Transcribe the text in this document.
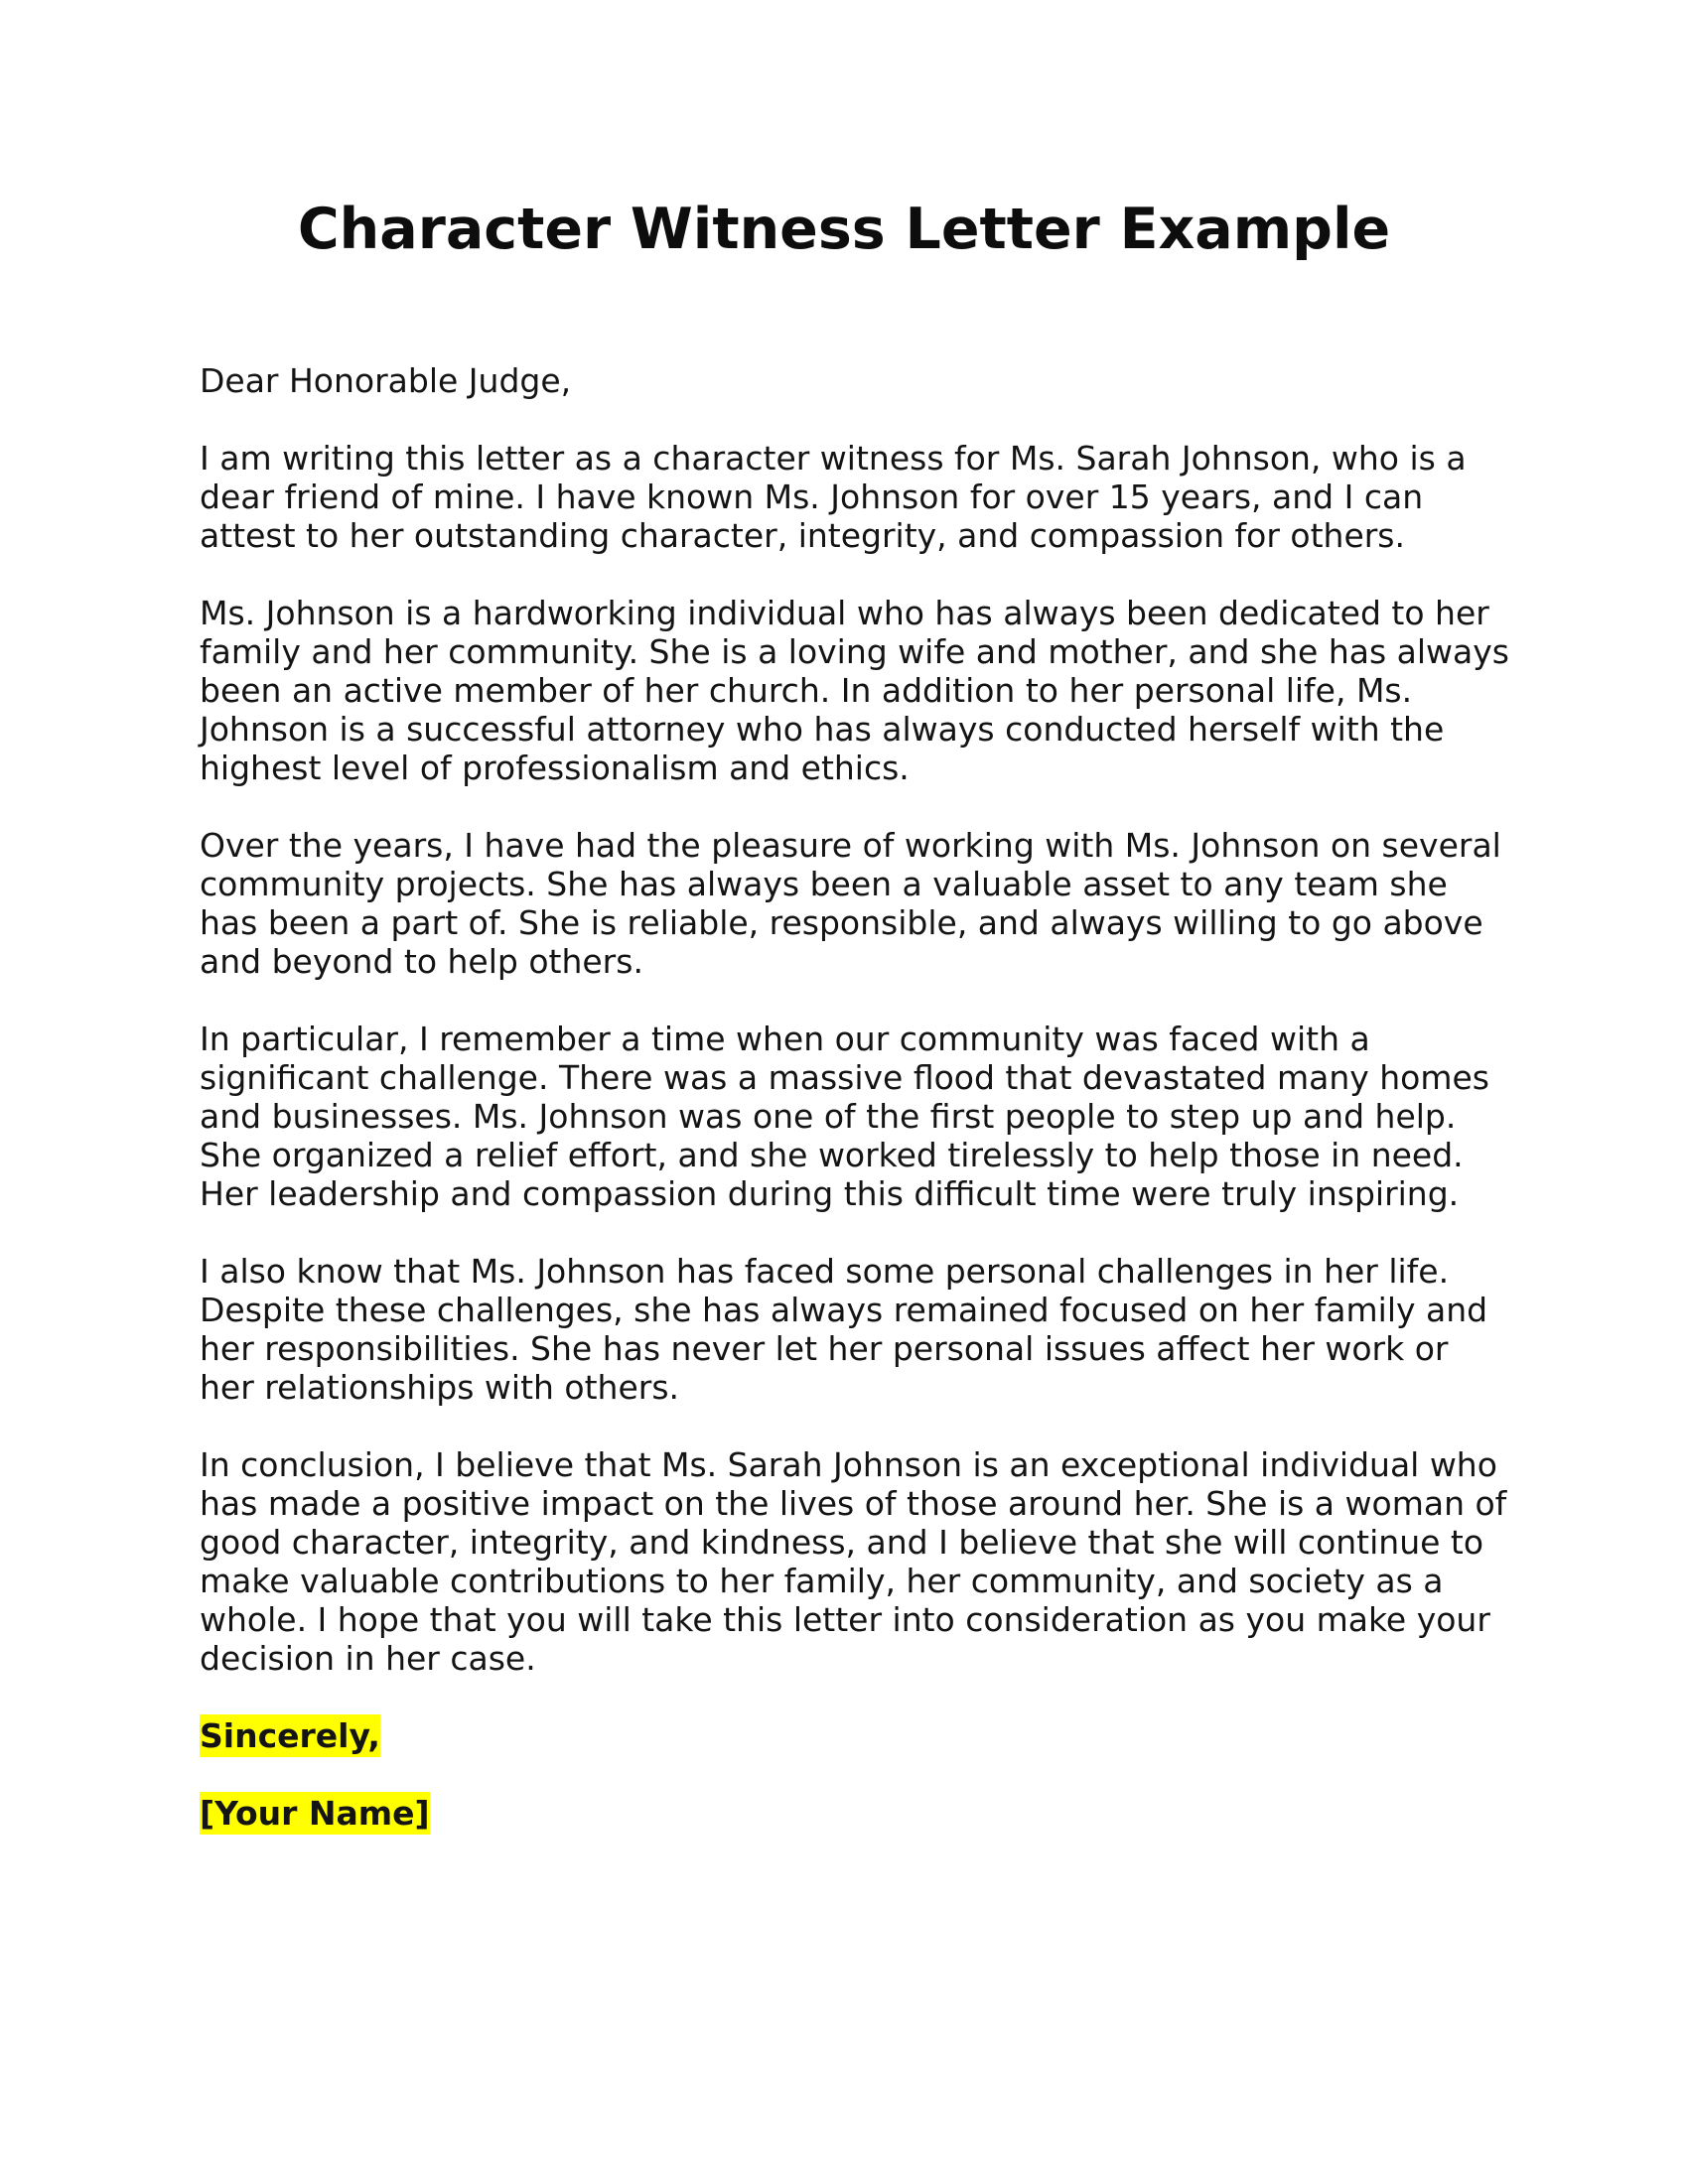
Character Witness Letter Example

Dear Honorable Judge,

I am writing this letter as a character witness for Ms. Sarah Johnson, who is a dear friend of mine. I have known Ms. Johnson for over 15 years, and I can attest to her outstanding character, integrity, and compassion for others.

Ms. Johnson is a hardworking individual who has always been dedicated to her family and her community. She is a loving wife and mother, and she has always been an active member of her church. In addition to her personal life, Ms. Johnson is a successful attorney who has always conducted herself with the highest level of professionalism and ethics.

Over the years, I have had the pleasure of working with Ms. Johnson on several community projects. She has always been a valuable asset to any team she has been a part of. She is reliable, responsible, and always willing to go above and beyond to help others.

In particular, I remember a time when our community was faced with a significant challenge. There was a massive flood that devastated many homes and businesses. Ms. Johnson was one of the first people to step up and help. She organized a relief effort, and she worked tirelessly to help those in need. Her leadership and compassion during this difficult time were truly inspiring.

I also know that Ms. Johnson has faced some personal challenges in her life. Despite these challenges, she has always remained focused on her family and her responsibilities. She has never let her personal issues affect her work or her relationships with others.

In conclusion, I believe that Ms. Sarah Johnson is an exceptional individual who has made a positive impact on the lives of those around her. She is a woman of good character, integrity, and kindness, and I believe that she will continue to make valuable contributions to her family, her community, and society as a whole. I hope that you will take this letter into consideration as you make your decision in her case.

Sincerely,

[Your Name]
